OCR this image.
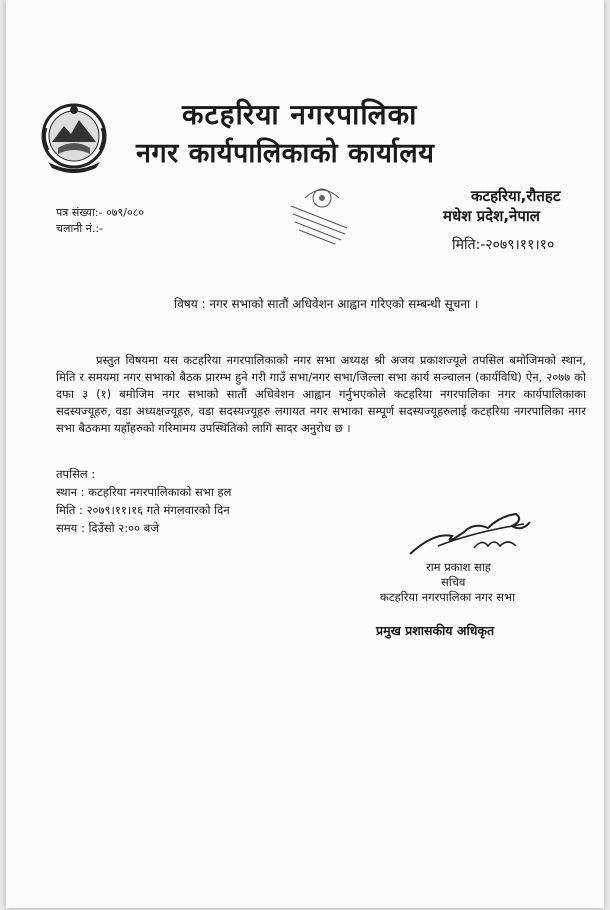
कटहरिया नगरपालिका
नगर कार्यपालिकाको कार्यालय
पत्र संख्या:- ०७९/०८०
चलानी नं.:-
कटहरिया,रौतहट
मधेश प्रदेश,नेपाल
मिति:-२०७९।११।१०
विषय : नगर सभाको सातौं अधिवेशन आह्वान गरिएको सम्बन्धी सूचना ।
प्रस्तुत विषयमा यस कटहरिया नगरपालिकाको नगर सभा अध्यक्ष श्री अजय प्रकाशज्यूले तपसिल बमोजिमको स्थान, मिति र समयमा नगर सभाको बैठक प्रारम्भ हुने गरी गाउँ सभा/नगर सभा/जिल्ला सभा कार्य सञ्चालन (कार्यविधि) ऐन, २०७७ को दफा ३ (१) बमोजिम नगर सभाको सातौं अधिवेशन आह्वान गर्नुभएकोले कटहरिया नगरपालिका नगर कार्यपालिकाका सदस्यज्यूहरु, वडा अध्यक्षज्यूहरु, वडा सदस्यज्यूहरु लगायत नगर सभाका सम्पूर्ण सदस्यज्यूहरुलाई कटहरिया नगरपालिका नगर सभा बैठकमा यहाँहरुको गरिमामय उपस्थितिको लागि सादर अनुरोध छ ।
तपसिल :
स्थान : कटहरिया नगरपालिकाको सभा हल
मिति : २०७९।११।१६ गते मंगलवारको दिन
समय : दिउँसो २:०० बजे
राम प्रकाश साह
सचिव
कटहरिया नगरपालिका नगर सभा
प्रमुख प्रशासकीय अधिकृत
